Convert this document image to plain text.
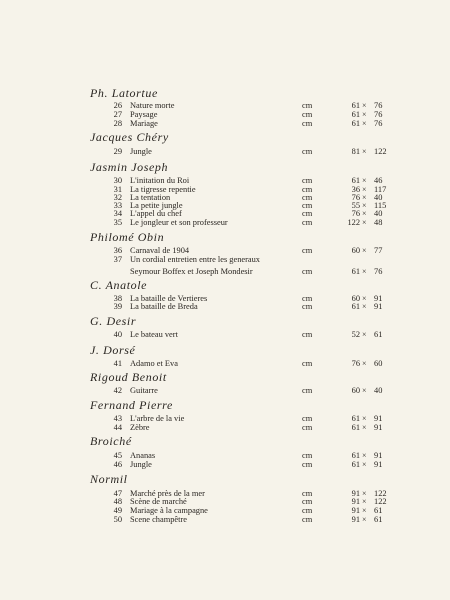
Ph. Latortue
26 Nature morte	cm	61 × 76
27 Paysage	cm	61 × 76
28 Mariage	cm	61 × 76
Jacques Chéry
29 Jungle	cm	81 × 122
Jasmin Joseph
30 L'initation du Roi	cm	61 × 46
31 La tigresse repentie	cm	36 × 117
32 La tentation	cm	76 × 40
33 La petite jungle	cm	55 × 115
34 L'appel du chef	cm	76 × 40
35 Le jongleur et son professeur	cm	122 × 48
Philomé Obin
36 Carnaval de 1904	cm	60 × 77
37 Un cordial entretien entre les generaux
Seymour Boffex et Joseph Mondesir	cm	61 × 76
C. Anatole
38 La bataille de Vertieres	cm	60 × 91
39 La bataille de Breda	cm	61 × 91
G. Desir
40 Le bateau vert	cm	52 × 61
J. Dorsé
41 Adamo et Eva	cm	76 × 60
Rigoud Benoit
42 Guitarre	cm	60 × 40
Fernand Pierre
43 L'arbre de la vie	cm	61 × 91
44 Zèbre	cm	61 × 91
Broiché
45 Ananas	cm	61 × 91
46 Jungle	cm	61 × 91
Normil
47 Marché près de la mer	cm	91 × 122
48 Scène de marché	cm	91 × 122
49 Mariage à la campagne	cm	91 × 61
50 Scene champêtre	cm	91 × 61
